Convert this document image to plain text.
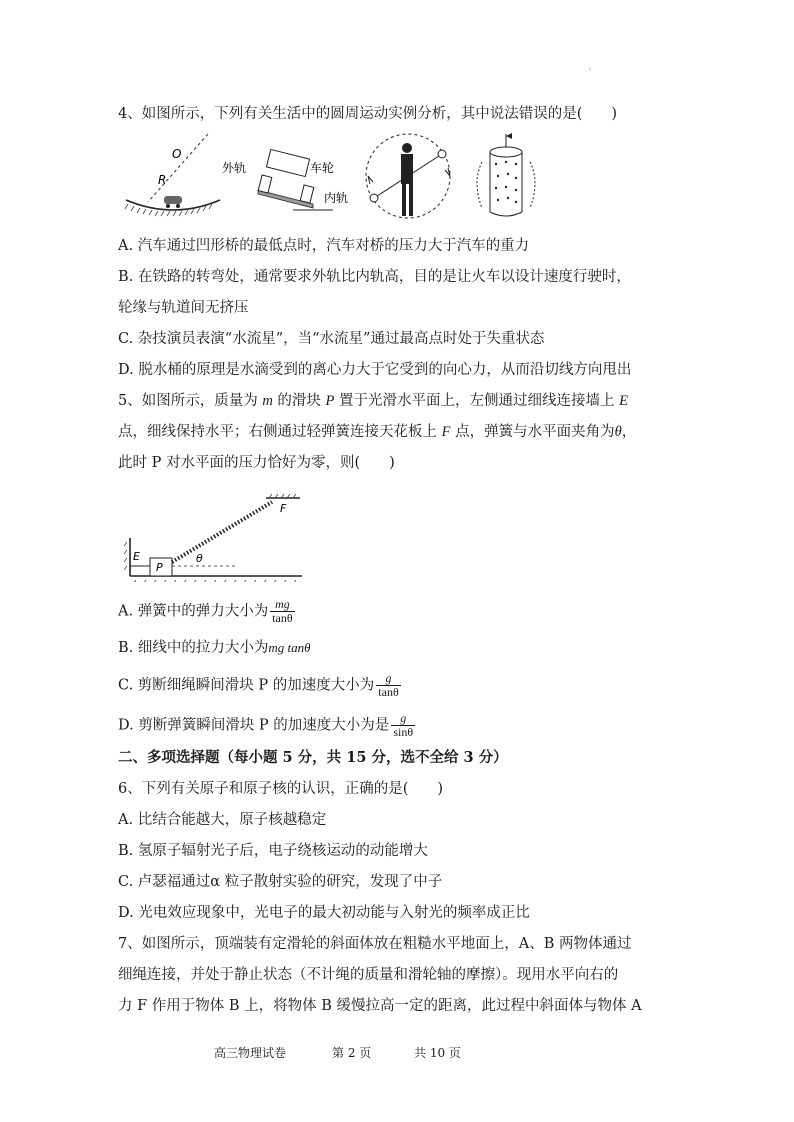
、
4、如图所示，下列有关生活中的圆周运动实例分析，其中说法错误的是(　　)
O
R
外轨	车轮
内轨
A. 汽车通过凹形桥的最低点时，汽车对桥的压力大于汽车的重力
B. 在铁路的转弯处，通常要求外轨比内轨高，目的是让火车以设计速度行驶时，
轮缘与轨道间无挤压
C. 杂技演员表演“水流星”，当“水流星”通过最高点时处于失重状态
D. 脱水桶的原理是水滴受到的离心力大于它受到的向心力，从而沿切线方向甩出
5、如图所示，质量为 m 的滑块 P 置于光滑水平面上，左侧通过细线连接墙上 E
点，细线保持水平；右侧通过轻弹簧连接天花板上 F 点，弹簧与水平面夹角为θ，
此时 P 对水平面的压力恰好为零，则(　　)
E
P
F
θ
A. 弹簧中的弹力大小为 $\frac{mg}{\tan\theta}$
B. 细线中的拉力大小为mg tanθ
C. 剪断细绳瞬间滑块 P 的加速度大小为 $\frac{g}{\tan\theta}$
D. 剪断弹簧瞬间滑块 P 的加速度大小为是 $\frac{g}{\sin\theta}$
二、多项选择题（每小题 5 分，共 15 分，选不全给 3 分）
6、下列有关原子和原子核的认识，正确的是(　　)
A. 比结合能越大，原子核越稳定
B. 氢原子辐射光子后，电子绕核运动的动能增大
C. 卢瑟福通过α 粒子散射实验的研究，发现了中子
D. 光电效应现象中，光电子的最大初动能与入射光的频率成正比
7、如图所示，顶端装有定滑轮的斜面体放在粗糙水平地面上，A、B 两物体通过
细绳连接，并处于静止状态（不计绳的质量和滑轮轴的摩擦）。现用水平向右的
力 F 作用于物体 B 上，将物体 B 缓慢拉高一定的距离，此过程中斜面体与物体 A
高三物理试卷	第 2 页	共 10 页
